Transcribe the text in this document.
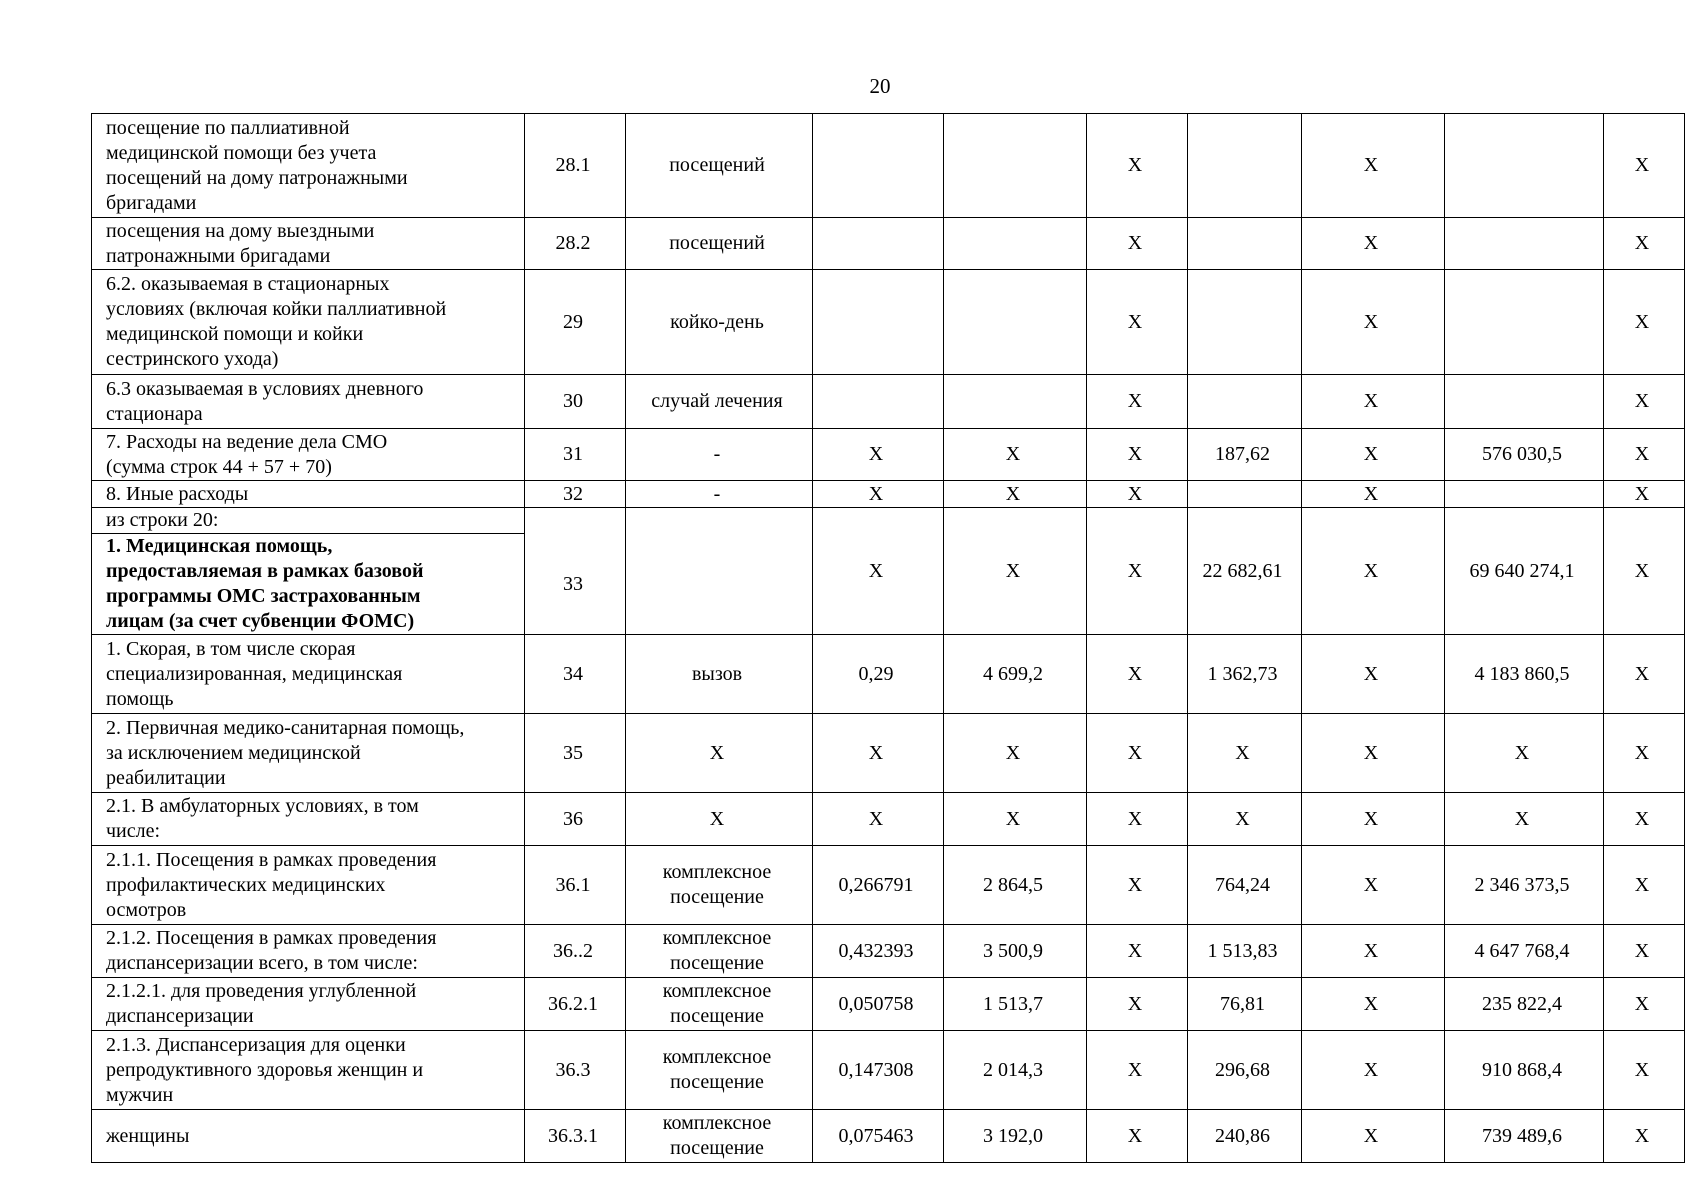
20
посещение по паллиативной
медицинской помощи без учета
посещений на дому патронажными
бригадами	28.1	посещений			X		X		X

посещения на дому выездными
патронажными бригадами	28.2	посещений			X		X		X

6.2. оказываемая в стационарных
условиях (включая койки паллиативной
медицинской помощи и койки
сестринского ухода)	29	койко-день			X		X		X

6.3 оказываемая в условиях дневного
стационара	30	случай лечения			X		X		X

7. Расходы на ведение дела СМО
(сумма строк 44 + 57 + 70)	31	-	X	X	X	187,62	X	576 030,5	X

8. Иные расходы	32	-	X	X	X		X		X

из строки 20:
1. Медицинская помощь,
предоставляемая в рамках базовой
программы ОМС застрахованным
лицам (за счет субвенции ФОМС)	33		X	X	X	22 682,61	X	69 640 274,1	X

1. Скорая, в том числе скорая
специализированная, медицинская
помощь	34	вызов	0,29	4 699,2	X	1 362,73	X	4 183 860,5	X

2. Первичная медико-санитарная помощь,
за исключением медицинской
реабилитации	35	X	X	X	X	X	X	X	X

2.1. В амбулаторных условиях, в том
числе:	36	X	X	X	X	X	X	X	X

2.1.1. Посещения в рамках проведения
профилактических медицинских
осмотров	36.1	комплексное
посещение	0,266791	2 864,5	X	764,24	X	2 346 373,5	X

2.1.2. Посещения в рамках проведения
диспансеризации всего, в том числе:	36..2	комплексное
посещение	0,432393	3 500,9	X	1 513,83	X	4 647 768,4	X

2.1.2.1. для проведения углубленной
диспансеризации	36.2.1	комплексное
посещение	0,050758	1 513,7	X	76,81	X	235 822,4	X

2.1.3. Диспансеризация для оценки
репродуктивного здоровья женщин и
мужчин	36.3	комплексное
посещение	0,147308	2 014,3	X	296,68	X	910 868,4	X

женщины	36.3.1	комплексное
посещение	0,075463	3 192,0	X	240,86	X	739 489,6	X
